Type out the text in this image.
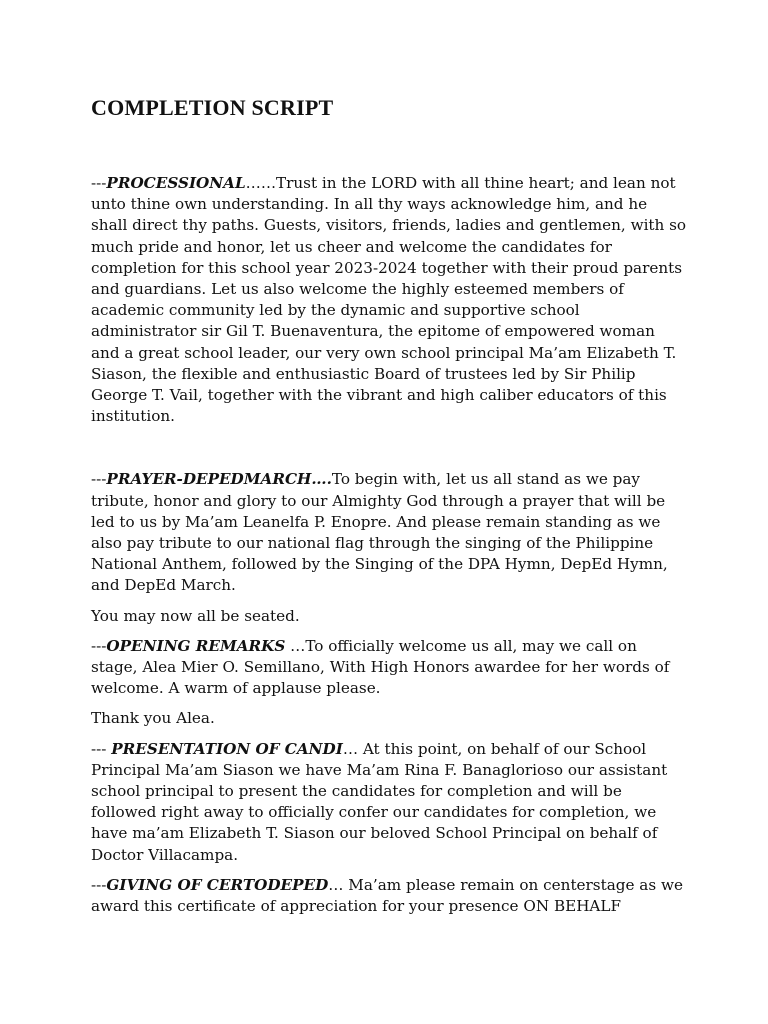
COMPLETION SCRIPT

---PROCESSIONAL……Trust in the LORD with all thine heart; and lean not unto thine own understanding. In all thy ways acknowledge him, and he shall direct thy paths. Guests, visitors, friends, ladies and gentlemen, with so much pride and honor, let us cheer and welcome the candidates for completion for this school year 2023-2024 together with their proud parents and guardians. Let us also welcome the highly esteemed members of academic community led by the dynamic and supportive school administrator sir Gil T. Buenaventura, the epitome of empowered woman and a great school leader, our very own school principal Ma’am Elizabeth T. Siason, the flexible and enthusiastic Board of trustees led by Sir Philip George T. Vail, together with the vibrant and high caliber educators of this institution.

---PRAYER-DEPEDMARCH….To begin with, let us all stand as we pay tribute, honor and glory to our Almighty God through a prayer that will be led to us by Ma’am Leanelfa P. Enopre. And please remain standing as we also pay tribute to our national flag through the singing of the Philippine National Anthem, followed by the Singing of the DPA Hymn, DepEd Hymn, and DepEd March.

You may now all be seated.

---OPENING REMARKS …To officially welcome us all, may we call on stage, Alea Mier O. Semillano, With High Honors awardee for her words of welcome. A warm of applause please.

Thank you Alea.

--- PRESENTATION OF CANDI… At this point, on behalf of our School Principal Ma’am Siason we have Ma’am Rina F. Banaglorioso our assistant school principal to present the candidates for completion and will be followed right away to officially confer our candidates for completion, we have ma’am Elizabeth T. Siason our beloved School Principal on behalf of Doctor Villacampa.

---GIVING OF CERTODEPED… Ma’am please remain on centerstage as we award this certificate of appreciation for your presence ON BEHALF
